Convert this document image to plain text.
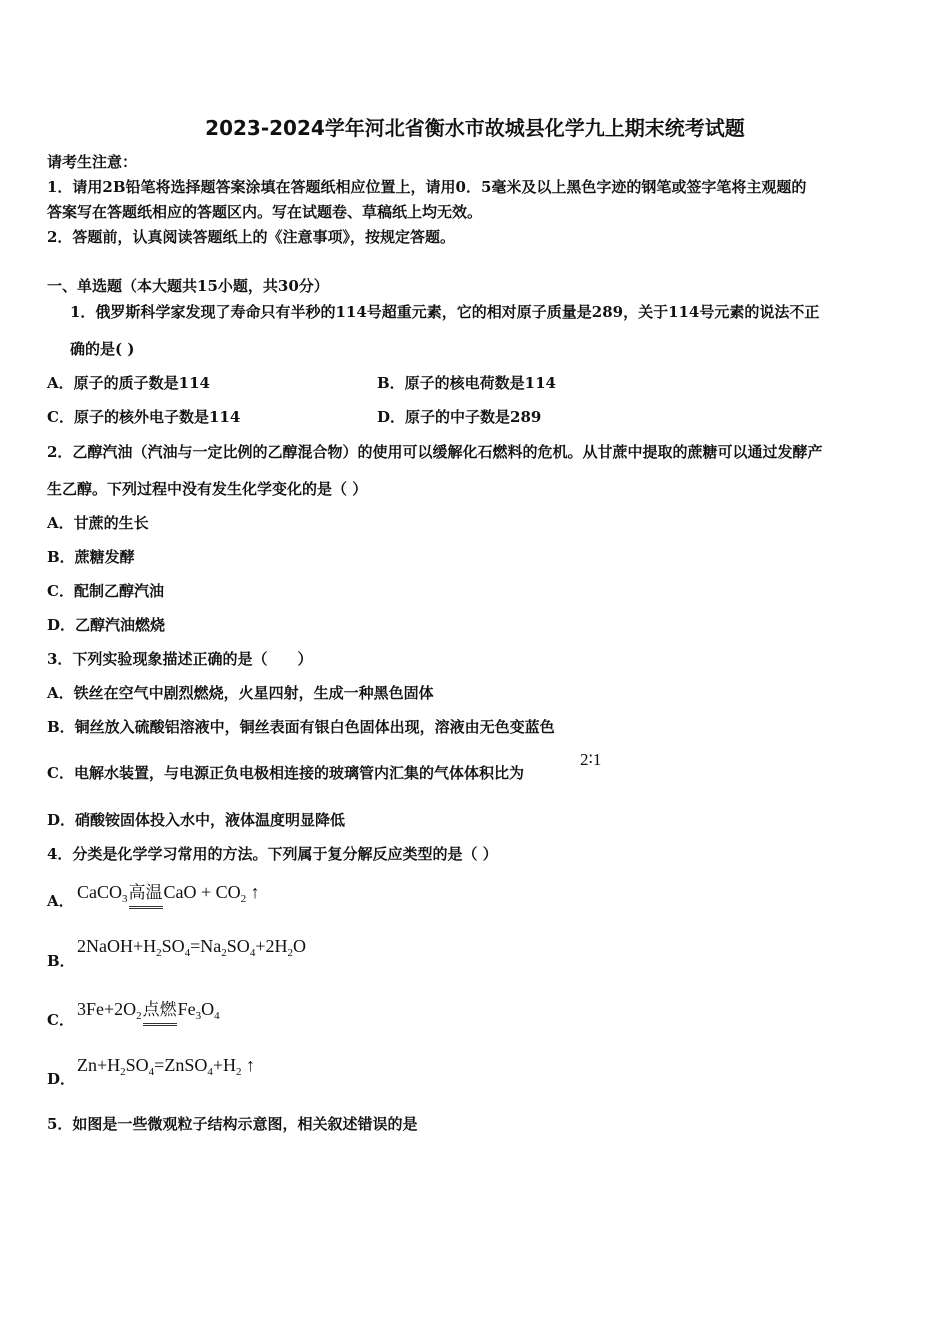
2023-2024学年河北省衡水市故城县化学九上期末统考试题
请考生注意：
1．请用2B铅笔将选择题答案涂填在答题纸相应位置上，请用0．5毫米及以上黑色字迹的钢笔或签字笔将主观题的
答案写在答题纸相应的答题区内。写在试题卷、草稿纸上均无效。
2．答题前，认真阅读答题纸上的《注意事项》，按规定答题。
一、单选题（本大题共15小题，共30分）
1．俄罗斯科学家发现了寿命只有半秒的114号超重元素，它的相对原子质量是289，关于114号元素的说法不正
确的是( )
A．原子的质子数是114	B．原子的核电荷数是114
C．原子的核外电子数是114	D．原子的中子数是289
2．乙醇汽油（汽油与一定比例的乙醇混合物）的使用可以缓解化石燃料的危机。从甘蔗中提取的蔗糖可以通过发酵产
生乙醇。下列过程中没有发生化学变化的是（ ）
A．甘蔗的生长
B．蔗糖发酵
C．配制乙醇汽油
D．乙醇汽油燃烧
3．下列实验现象描述正确的是（　　）
A．铁丝在空气中剧烈燃烧，火星四射，生成一种黑色固体
B．铜丝放入硫酸铝溶液中，铜丝表面有银白色固体出现，溶液由无色变蓝色
C．电解水装置，与电源正负电极相连接的玻璃管内汇集的气体体积比为
2∶1
D．硝酸铵固体投入水中，液体温度明显降低
4．分类是化学学习常用的方法。下列属于复分解反应类型的是（ ）
A． CaCO$_3$高温CaO + $CO_2$ ↑
B．
$2NaOH+H_2SO_4=Na_2SO_4+2H_2O$
C．
$3Fe+2O_2$点燃$Fe_3O_4$
D．
$Zn+H_2SO_4=ZnSO_4+H_2$ ↑
5．如图是一些微观粒子结构示意图，相关叙述错误的是
